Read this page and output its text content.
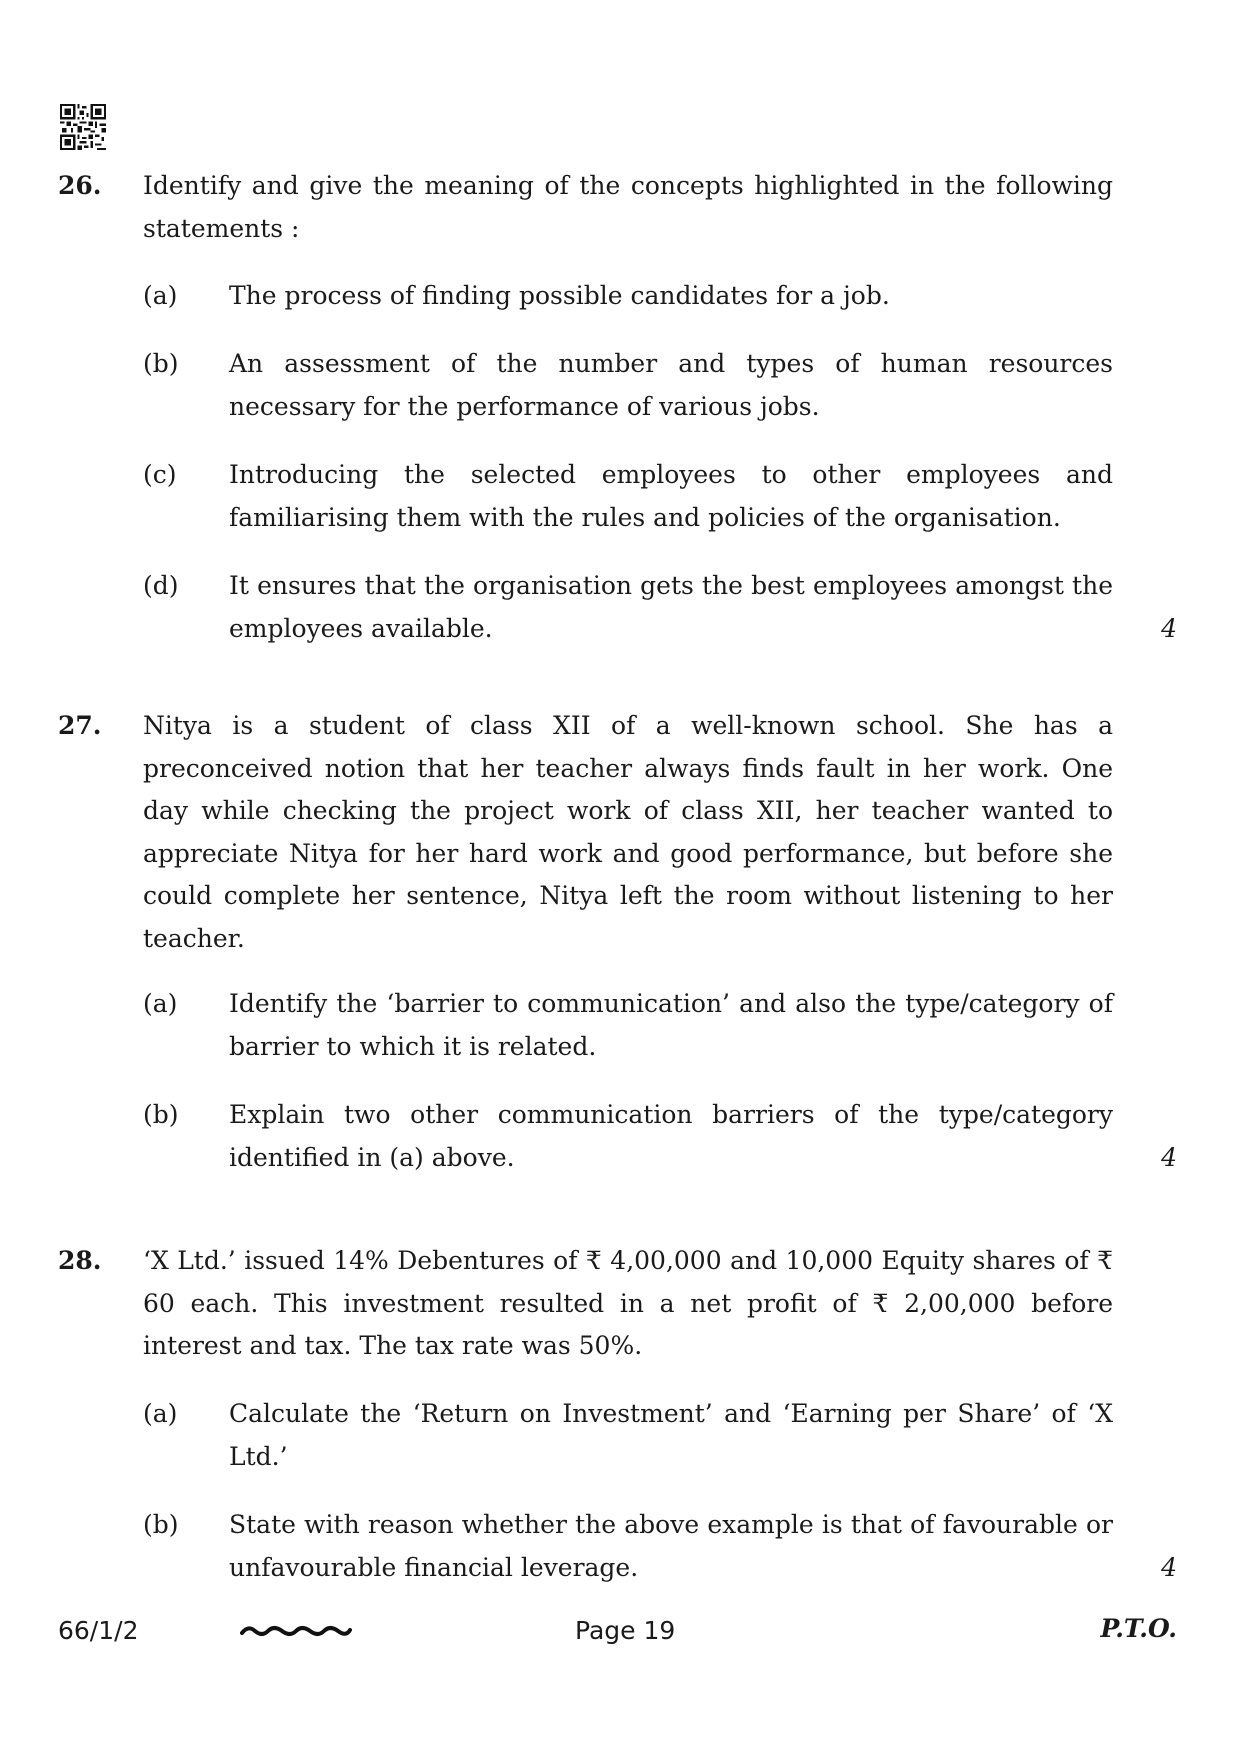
26. Identify and give the meaning of the concepts highlighted in the following statements :
(a) The process of finding possible candidates for a job.
(b) An assessment of the number and types of human resources necessary for the performance of various jobs.
(c) Introducing the selected employees to other employees and familiarising them with the rules and policies of the organisation.
(d) It ensures that the organisation gets the best employees amongst the employees available.	4
27. Nitya is a student of class XII of a well-known school. She has a preconceived notion that her teacher always finds fault in her work. One day while checking the project work of class XII, her teacher wanted to appreciate Nitya for her hard work and good performance, but before she could complete her sentence, Nitya left the room without listening to her teacher.
(a) Identify the ‘barrier to communication’ and also the type/category of barrier to which it is related.
(b) Explain two other communication barriers of the type/category identified in (a) above.	4
28. ‘X Ltd.’ issued 14% Debentures of ₹ 4,00,000 and 10,000 Equity shares of ₹ 60 each. This investment resulted in a net profit of ₹ 2,00,000 before interest and tax. The tax rate was 50%.
(a) Calculate the ‘Return on Investment’ and ‘Earning per Share’ of ‘X Ltd.’
(b) State with reason whether the above example is that of favourable or unfavourable financial leverage.	4
66/1/2	Page 19	P.T.O.
